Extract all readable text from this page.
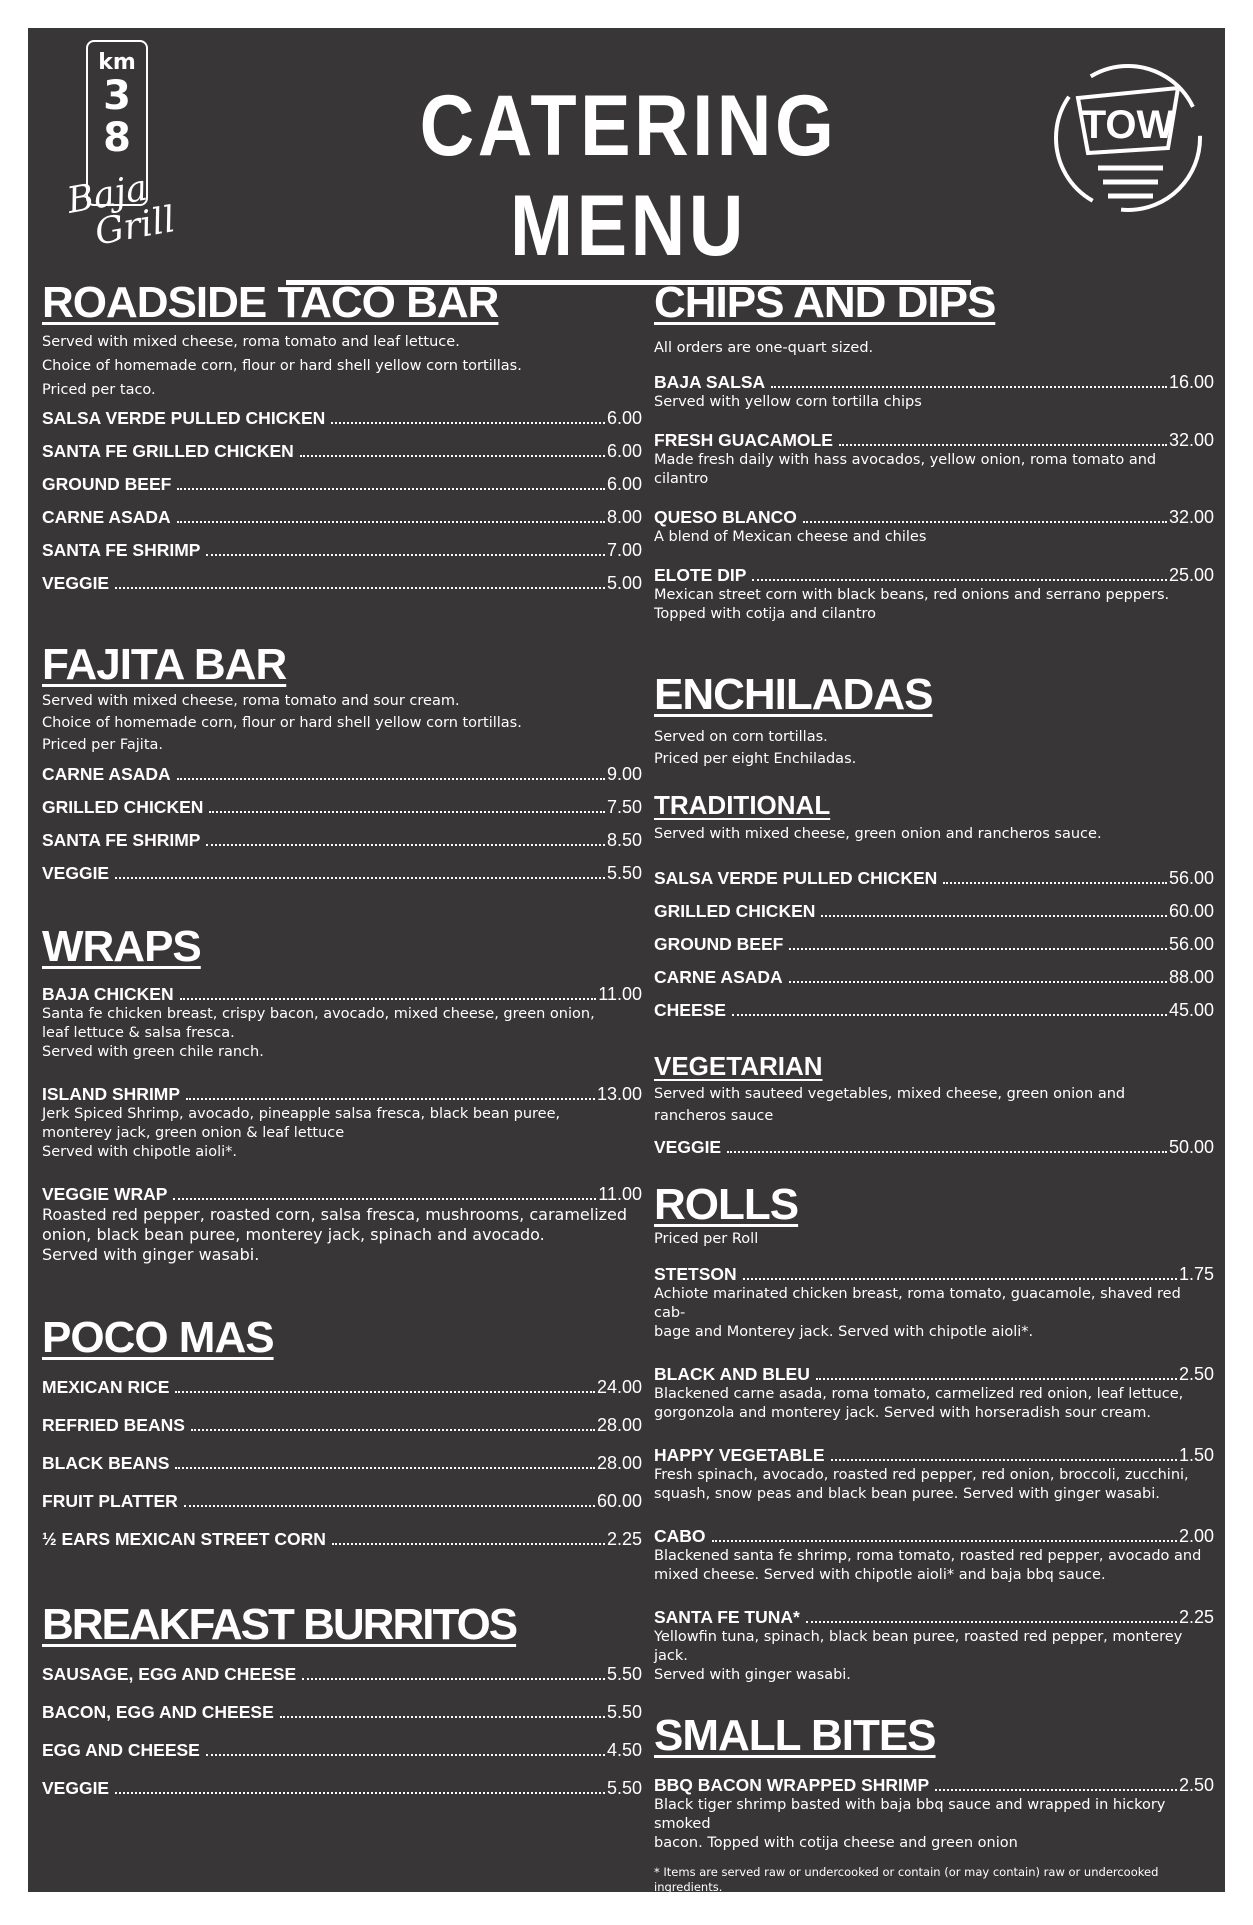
km
3
8
Baja
Grill
CATERING MENU
TOW
ROADSIDE TACO BAR
Served with mixed cheese, roma tomato and leaf lettuce.
Choice of homemade corn, flour or hard shell yellow corn tortillas.
Priced per taco.
SALSA VERDE PULLED CHICKEN	6.00
SANTA FE GRILLED CHICKEN	6.00
GROUND BEEF	6.00
CARNE ASADA	8.00
SANTA FE SHRIMP	7.00
VEGGIE	5.00
FAJITA BAR
Served with mixed cheese, roma tomato and sour cream.
Choice of homemade corn, flour or hard shell yellow corn tortillas.
Priced per Fajita.
CARNE ASADA	9.00
GRILLED CHICKEN	7.50
SANTA FE SHRIMP	8.50
VEGGIE	5.50
WRAPS
BAJA CHICKEN	11.00
Santa fe chicken breast, crispy bacon, avocado, mixed cheese, green onion,
leaf lettuce & salsa fresca.
Served with green chile ranch.
ISLAND SHRIMP	13.00
Jerk Spiced Shrimp, avocado, pineapple salsa fresca, black bean puree,
monterey jack, green onion & leaf lettuce
Served with chipotle aioli*.
VEGGIE WRAP	11.00
Roasted red pepper, roasted corn, salsa fresca, mushrooms, caramelized
onion, black bean puree, monterey jack, spinach and avocado.
Served with ginger wasabi.
POCO MAS
MEXICAN RICE	24.00
REFRIED BEANS	28.00
BLACK BEANS	28.00
FRUIT PLATTER	60.00
½ EARS MEXICAN STREET CORN	2.25
BREAKFAST BURRITOS
SAUSAGE, EGG AND CHEESE	5.50
BACON, EGG AND CHEESE	5.50
EGG AND CHEESE	4.50
VEGGIE	5.50
CHIPS AND DIPS
All orders are one-quart sized.
BAJA SALSA	16.00
Served with yellow corn tortilla chips
FRESH GUACAMOLE	32.00
Made fresh daily with hass avocados, yellow onion, roma tomato and
cilantro
QUESO BLANCO	32.00
A blend of Mexican cheese and chiles
ELOTE DIP	25.00
Mexican street corn with black beans, red onions and serrano peppers.
Topped with cotija and cilantro
ENCHILADAS
Served on corn tortillas.
Priced per eight Enchiladas.
TRADITIONAL
Served with mixed cheese, green onion and rancheros sauce.
SALSA VERDE PULLED CHICKEN	56.00
GRILLED CHICKEN	60.00
GROUND BEEF	56.00
CARNE ASADA	88.00
CHEESE	45.00
VEGETARIAN
Served with sauteed vegetables, mixed cheese, green onion and
rancheros sauce
VEGGIE	50.00
ROLLS
Priced per Roll
STETSON	1.75
Achiote marinated chicken breast, roma tomato, guacamole, shaved red cab-
bage and Monterey jack. Served with chipotle aioli*.
BLACK AND BLEU	2.50
Blackened carne asada, roma tomato, carmelized red onion, leaf lettuce,
gorgonzola and monterey jack. Served with horseradish sour cream.
HAPPY VEGETABLE	1.50
Fresh spinach, avocado, roasted red pepper, red onion, broccoli, zucchini,
squash, snow peas and black bean puree. Served with ginger wasabi.
CABO	2.00
Blackened santa fe shrimp, roma tomato, roasted red pepper, avocado and
mixed cheese. Served with chipotle aioli* and baja bbq sauce.
SANTA FE TUNA*	2.25
Yellowfin tuna, spinach, black bean puree, roasted red pepper, monterey jack.
Served with ginger wasabi.
SMALL BITES
BBQ BACON WRAPPED SHRIMP	2.50
Black tiger shrimp basted with baja bbq sauce and wrapped in hickory smoked
bacon. Topped with cotija cheese and green onion
* Items are served raw or undercooked or contain (or may contain) raw or undercooked ingredients.
Consuming raw or undercooked MEATS, POULTRY, seafood, shellfish, or EGGS may increase your
RISK of foodborne illness, especially if you have certain medical conditions.
